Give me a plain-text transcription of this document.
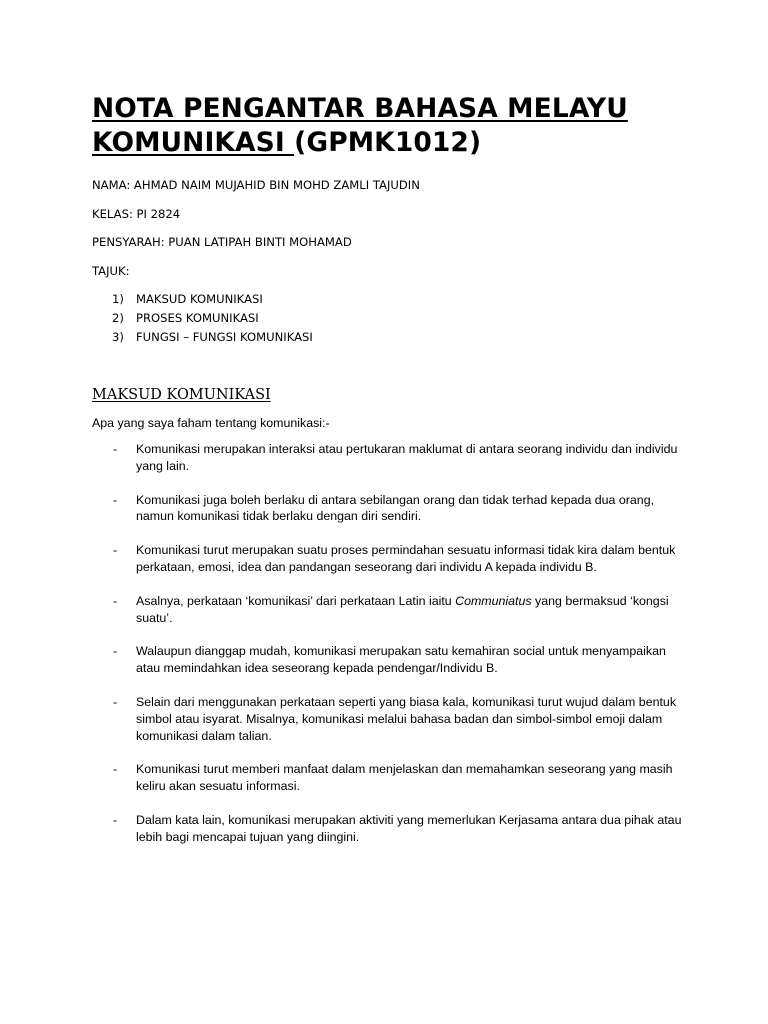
NOTA PENGANTAR BAHASA MELAYU
KOMUNIKASI (GPMK1012)

NAMA: AHMAD NAIM MUJAHID BIN MOHD ZAMLI TAJUDIN

KELAS: PI 2824

PENSYARAH: PUAN LATIPAH BINTI MOHAMAD

TAJUK:

1) MAKSUD KOMUNIKASI
2) PROSES KOMUNIKASI
3) FUNGSI – FUNGSI KOMUNIKASI
MAKSUD KOMUNIKASI

Apa yang saya faham tentang komunikasi:-

- Komunikasi merupakan interaksi atau pertukaran maklumat di antara seorang individu dan individu yang lain.
- Komunikasi juga boleh berlaku di antara sebilangan orang dan tidak terhad kepada dua orang, namun komunikasi tidak berlaku dengan diri sendiri.
- Komunikasi turut merupakan suatu proses permindahan sesuatu informasi tidak kira dalam bentuk perkataan, emosi, idea dan pandangan seseorang dari individu A kepada individu B.
- Asalnya, perkataan ‘komunikasi’ dari perkataan Latin iaitu Communiatus yang bermaksud ‘kongsi suatu’.
- Walaupun dianggap mudah, komunikasi merupakan satu kemahiran social untuk menyampaikan atau memindahkan idea seseorang kepada pendengar/Individu B.
- Selain dari menggunakan perkataan seperti yang biasa kala, komunikasi turut wujud dalam bentuk simbol atau isyarat. Misalnya, komunikasi melalui bahasa badan dan simbol-simbol emoji dalam komunikasi dalam talian.
- Komunikasi turut memberi manfaat dalam menjelaskan dan memahamkan seseorang yang masih keliru akan sesuatu informasi.
- Dalam kata lain, komunikasi merupakan aktiviti yang memerlukan Kerjasama antara dua pihak atau lebih bagi mencapai tujuan yang diingini.
